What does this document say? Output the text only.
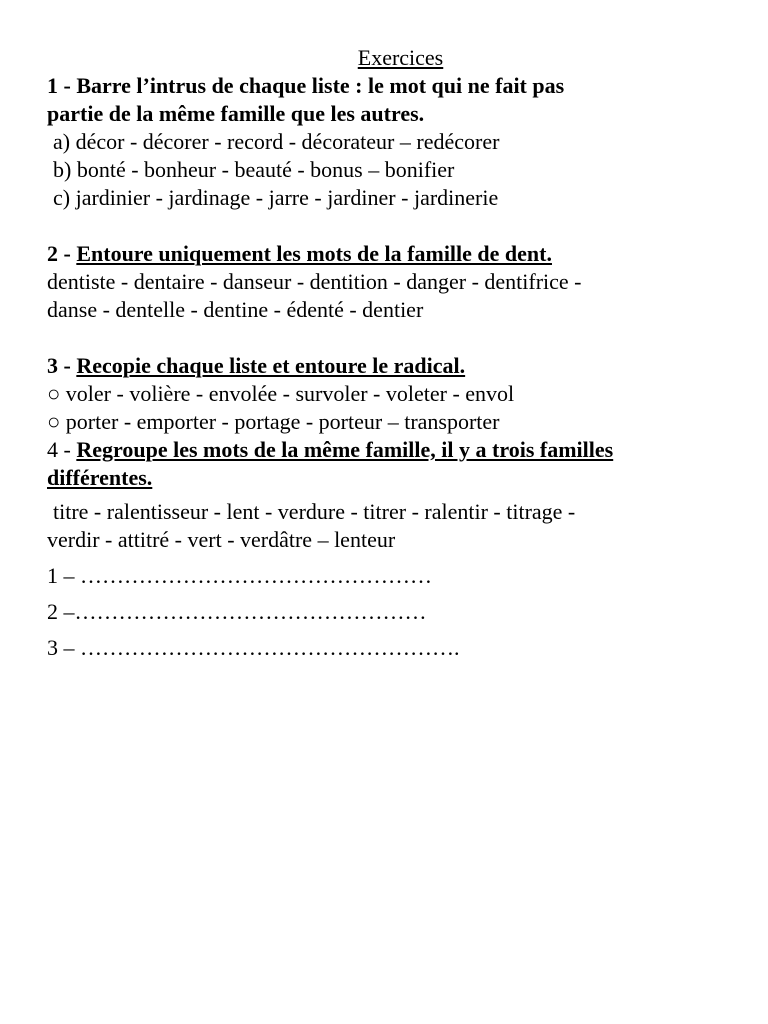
Exercices

1 - Barre l’intrus de chaque liste : le mot qui ne fait pas

partie de la même famille que les autres.

a) décor - décorer - record - décorateur – redécorer

b) bonté - bonheur - beauté - bonus – bonifier

c) jardinier - jardinage - jarre - jardiner - jardinerie

2 - Entoure uniquement les mots de la famille de dent.

dentiste - dentaire - danseur - dentition - danger - dentifrice -

danse - dentelle - dentine - édenté - dentier

3 - Recopie chaque liste et entoure le radical.

○ voler - volière - envolée - survoler - voleter - envol

○ porter - emporter - portage - porteur – transporter

4 - Regroupe les mots de la même famille, il y a trois familles

différentes.

titre - ralentisseur - lent - verdure - titrer - ralentir - titrage -

verdir - attitré - vert - verdâtre – lenteur

1 – …………………………………………

2 –…………………………………………

3 – …………………………………………….
